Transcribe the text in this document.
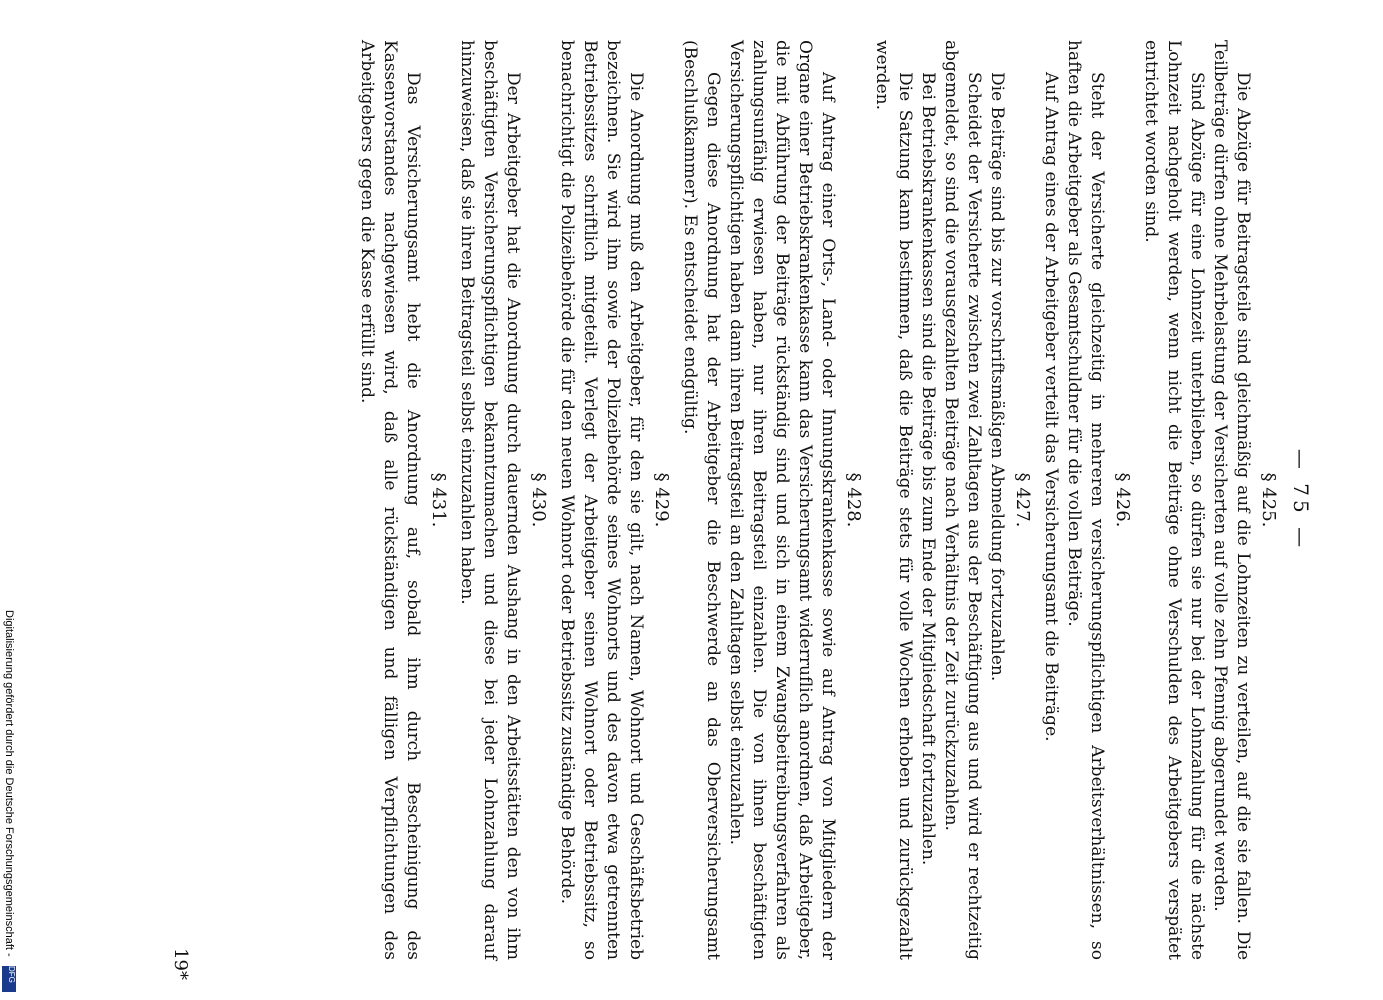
Digitalisierung gefördert durch die Deutsche Forschungsgemeinschaft -
DFG
— 75 —
§ 425.

Die Abzüge für Beitragsteile sind gleichmäßig auf die Lohnzeiten zu verteilen, auf die sie fallen. Die Teilbeträge dürfen ohne Mehrbelastung der Versicherten auf volle zehn Pfennig abgerundet werden.

Sind Abzüge für eine Lohnzeit unterblieben, so dürfen sie nur bei der Lohnzahlung für die nächste Lohnzeit nachgeholt werden, wenn nicht die Beiträge ohne Verschulden des Arbeitgebers verspätet entrichtet worden sind.

§ 426.

Steht der Versicherte gleichzeitig in mehreren versicherungspflichtigen Arbeitsverhältnissen, so haften die Arbeitgeber als Gesamtschuldner für die vollen Beiträge.

Auf Antrag eines der Arbeitgeber verteilt das Versicherungsamt die Beiträge.

§ 427.

Die Beiträge sind bis zur vorschriftsmäßigen Abmeldung fortzuzahlen.

Scheidet der Versicherte zwischen zwei Zahltagen aus der Beschäftigung aus und wird er rechtzeitig abgemeldet, so sind die vorausgezahlten Beiträge nach Verhältnis der Zeit zurückzuzahlen.

Bei Betriebskrankenkassen sind die Beiträge bis zum Ende der Mitgliedschaft fortzuzahlen.

Die Satzung kann bestimmen, daß die Beiträge stets für volle Wochen erhoben und zurückgezahlt werden.

§ 428.

Auf Antrag einer Orts-, Land- oder Innungskrankenkasse sowie auf Antrag von Mitgliedern der Organe einer Betriebskrankenkasse kann das Versicherungsamt widerruflich anordnen, daß Arbeitgeber, die mit Abführung der Beiträge rückständig sind und sich in einem Zwangsbeitreibungsverfahren als zahlungsunfähig erwiesen haben, nur ihren Beitragsteil einzahlen. Die von ihnen beschäftigten Versicherungspflichtigen haben dann ihren Beitragsteil an den Zahltagen selbst einzuzahlen.

Gegen diese Anordnung hat der Arbeitgeber die Beschwerde an das Oberversicherungsamt (Beschlußkammer). Es entscheidet endgültig.

§ 429.

Die Anordnung muß den Arbeitgeber, für den sie gilt, nach Namen, Wohnort und Geschäftsbetrieb bezeichnen. Sie wird ihm sowie der Polizeibehörde seines Wohnorts und des davon etwa getrennten Betriebssitzes schriftlich mitgeteilt. Verlegt der Arbeitgeber seinen Wohnort oder Betriebssitz, so benachrichtigt die Polizeibehörde die für den neuen Wohnort oder Betriebssitz zuständige Behörde.

§ 430.

Der Arbeitgeber hat die Anordnung durch dauernden Aushang in den Arbeitsstätten den von ihm beschäftigten Versicherungspflichtigen bekanntzumachen und diese bei jeder Lohnzahlung darauf hinzuweisen, daß sie ihren Beitragsteil selbst einzuzahlen haben.

§ 431.

Das Versicherungsamt hebt die Anordnung auf, sobald ihm durch Bescheinigung des Kassenvorstandes nachgewiesen wird, daß alle rückständigen und fälligen Verpflichtungen des Arbeitgebers gegen die Kasse erfüllt sind.

19*
